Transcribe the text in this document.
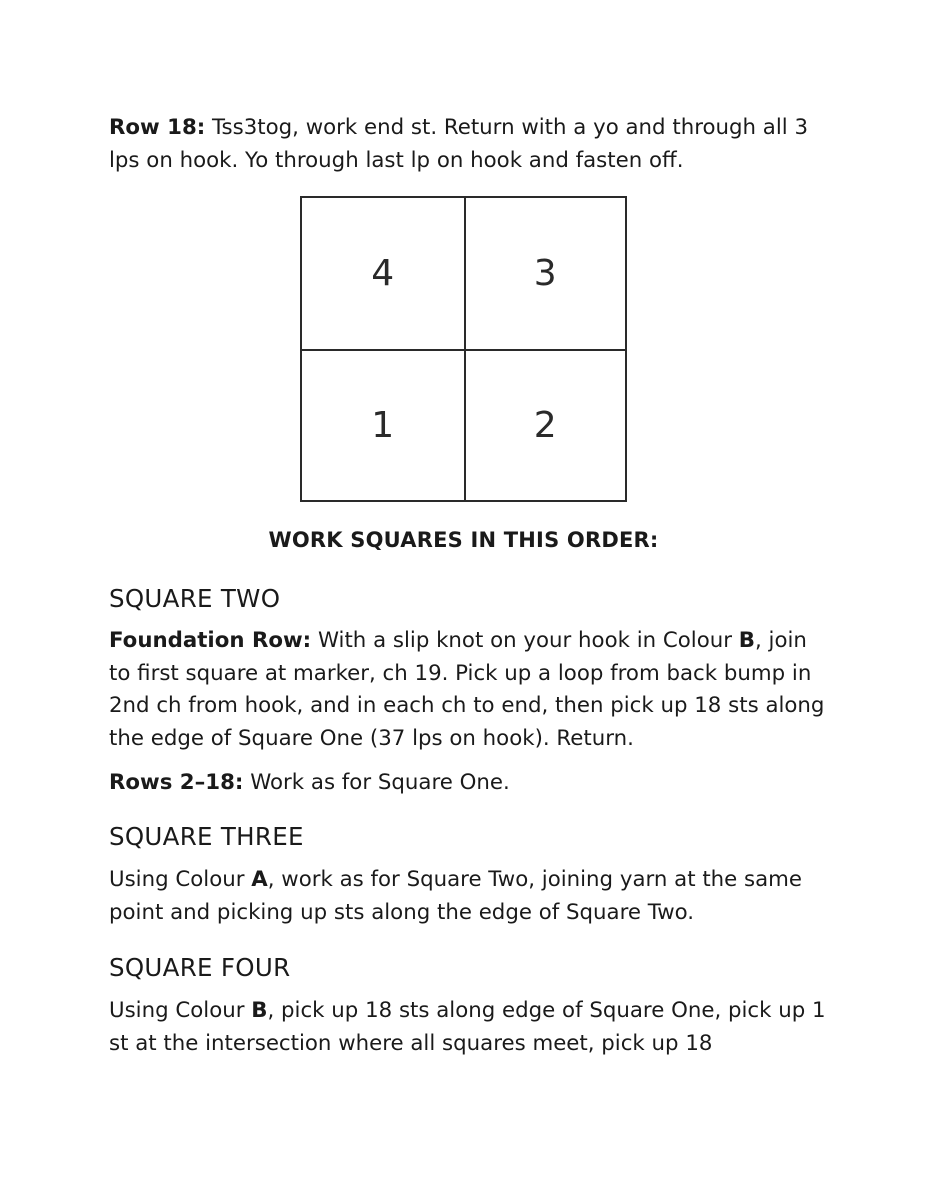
Row 18: Tss3tog, work end st. Return with a yo and through all 3 lps on hook. Yo through last lp on hook and fasten off.

4	3
1	2
WORK SQUARES IN THIS ORDER:
SQUARE TWO

Foundation Row: With a slip knot on your hook in Colour B, join to first square at marker, ch 19. Pick up a loop from back bump in 2nd ch from hook, and in each ch to end, then pick up 18 sts along the edge of Square One (37 lps on hook). Return.

Rows 2–18: Work as for Square One.

SQUARE THREE

Using Colour A, work as for Square Two, joining yarn at the same point and picking up sts along the edge of Square Two.

SQUARE FOUR

Using Colour B, pick up 18 sts along edge of Square One, pick up 1 st at the intersection where all squares meet, pick up 18
